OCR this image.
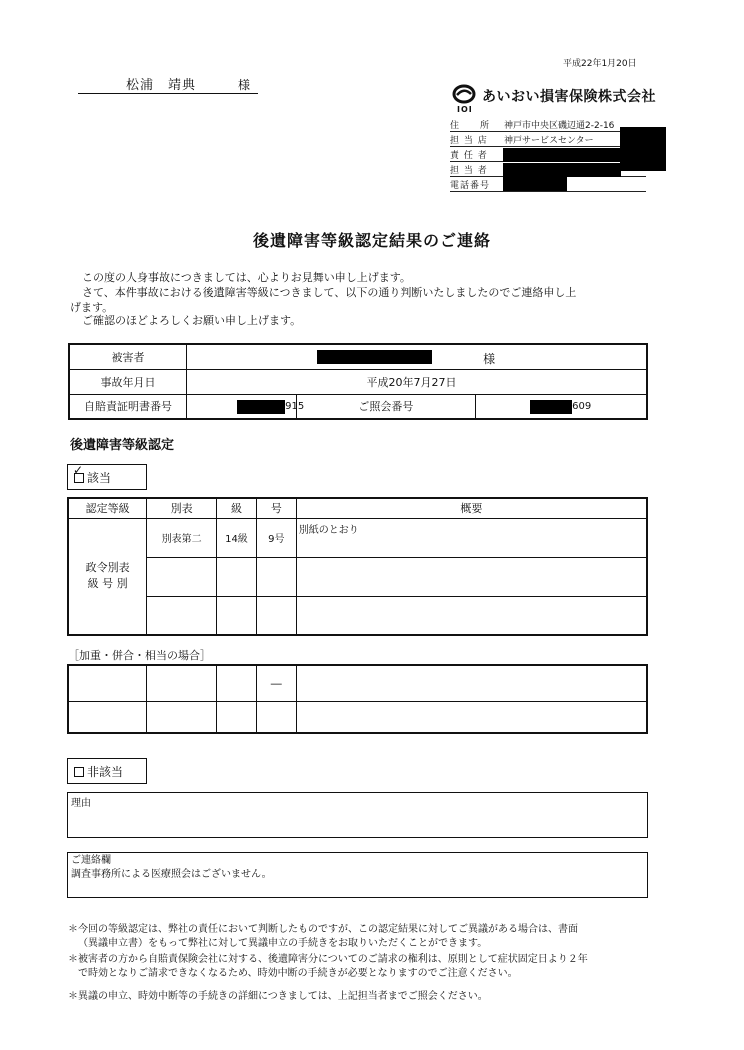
平成22年1月20日
松浦　靖典	様
IOI
あいおい損害保険株式会社
住　　所 神戸市中央区磯辺通2-2-16
担 当 店 神戸サービスセンター
責 任 者
担 当 者
電話番号
後遺障害等級認定結果のご連絡
この度の人身事故につきましては、心よりお見舞い申し上げます。
さて、本件事故における後遺障害等級につきまして、以下の通り判断いたしましたのでご連絡申し上
げます。
ご確認のほどよろしくお願い申し上げます。
被害者	様		

事故年月日	平成20年7月27日		
自賠責証明書番号	915	ご照会番号	609
後遺障害等級認定
✓
該当
認定等級	別表	級	号	概要

政令別表
級 号 別	別表第二	14級	9号	別紙のとおり

［加重・併合・相当の場合］
			―	

非該当
理由
ご連絡欄
調査事務所による医療照会はございません。
＊今回の等級認定は、弊社の責任において判断したものですが、この認定結果に対してご異議がある場合は、書面
（異議申立書）をもって弊社に対して異議申立の手続きをお取りいただくことができます。
＊被害者の方から自賠責保険会社に対する、後遺障害分についてのご請求の権利は、原則として症状固定日より２年
で時効となりご請求できなくなるため、時効中断の手続きが必要となりますのでご注意ください。
＊異議の申立、時効中断等の手続きの詳細につきましては、上記担当者までご照会ください。
